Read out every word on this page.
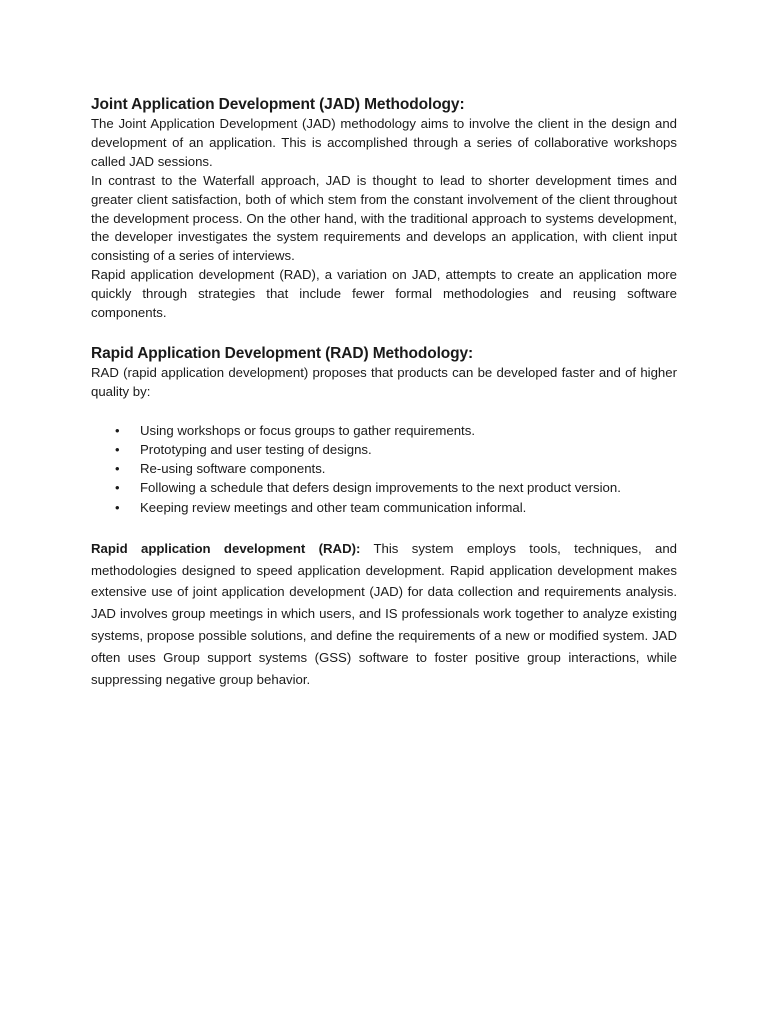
Joint Application Development (JAD) Methodology:

The Joint Application Development (JAD) methodology aims to involve the client in the design and development of an application. This is accomplished through a series of collaborative workshops called JAD sessions.

In contrast to the Waterfall approach, JAD is thought to lead to shorter development times and greater client satisfaction, both of which stem from the constant involvement of the client throughout the development process. On the other hand, with the traditional approach to systems development, the developer investigates the system requirements and develops an application, with client input consisting of a series of interviews.

Rapid application development (RAD), a variation on JAD, attempts to create an application more quickly through strategies that include fewer formal methodologies and reusing software components.

Rapid Application Development (RAD) Methodology:

RAD (rapid application development) proposes that products can be developed faster and of higher quality by:

• Using workshops or focus groups to gather requirements.
• Prototyping and user testing of designs.
• Re-using software components.
• Following a schedule that defers design improvements to the next product version.
• Keeping review meetings and other team communication informal.

Rapid application development (RAD): This system employs tools, techniques, and methodologies designed to speed application development. Rapid application development makes extensive use of joint application development (JAD) for data collection and requirements analysis. JAD involves group meetings in which users, and IS professionals work together to analyze existing systems, propose possible solutions, and define the requirements of a new or modified system. JAD often uses Group support systems (GSS) software to foster positive group interactions, while suppressing negative group behavior.
